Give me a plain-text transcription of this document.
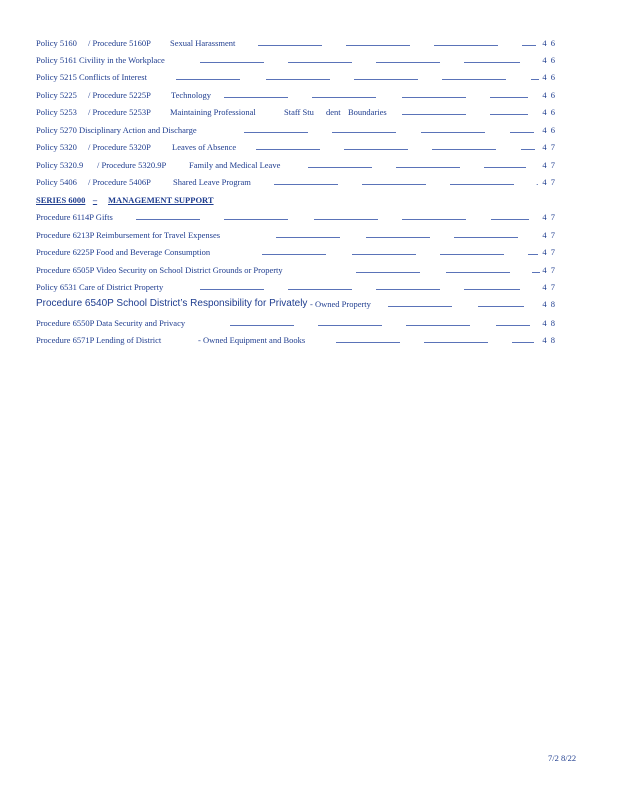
Policy 5160 / Procedure 5160P Sexual Harassment	4 6
Policy 5161 Civility in the Workplace	4 6
Policy 5215 Conflicts of Interest	4 6
Policy 5225 / Procedure 5225P Technology	4 6
Policy 5253 / Procedure 5253P Maintaining Professional	Staff Stu dent Boundaries	4 6
Policy 5270 Disciplinary Action and Discharge	4 6
Policy 5320 / Procedure 5320P Leaves of Absence	4 7
Policy 5320.9 / Procedure 5320.9P	Family and Medical Leave	4 7
Policy 5406 / Procedure 5406P	Shared Leave Program	. 4 7
SERIES 6000 –	MANAGEMENT SUPPORT
Procedure 6114P Gifts	4 7
Procedure 6213P Reimbursement for Travel Expenses	4 7
Procedure 6225P Food and Beverage Consumption	4 7
Procedure 6505P Video Security on School District Grounds or Property	4 7
Policy 6531 Care of District Property	4 7
Procedure 6540P School District’s Responsibility for Privately - Owned Property	4 8
Procedure 6550P Data Security and Privacy	4 8
Procedure 6571P Lending of District	- Owned Equipment and Books	4 8
7/2 8/22
